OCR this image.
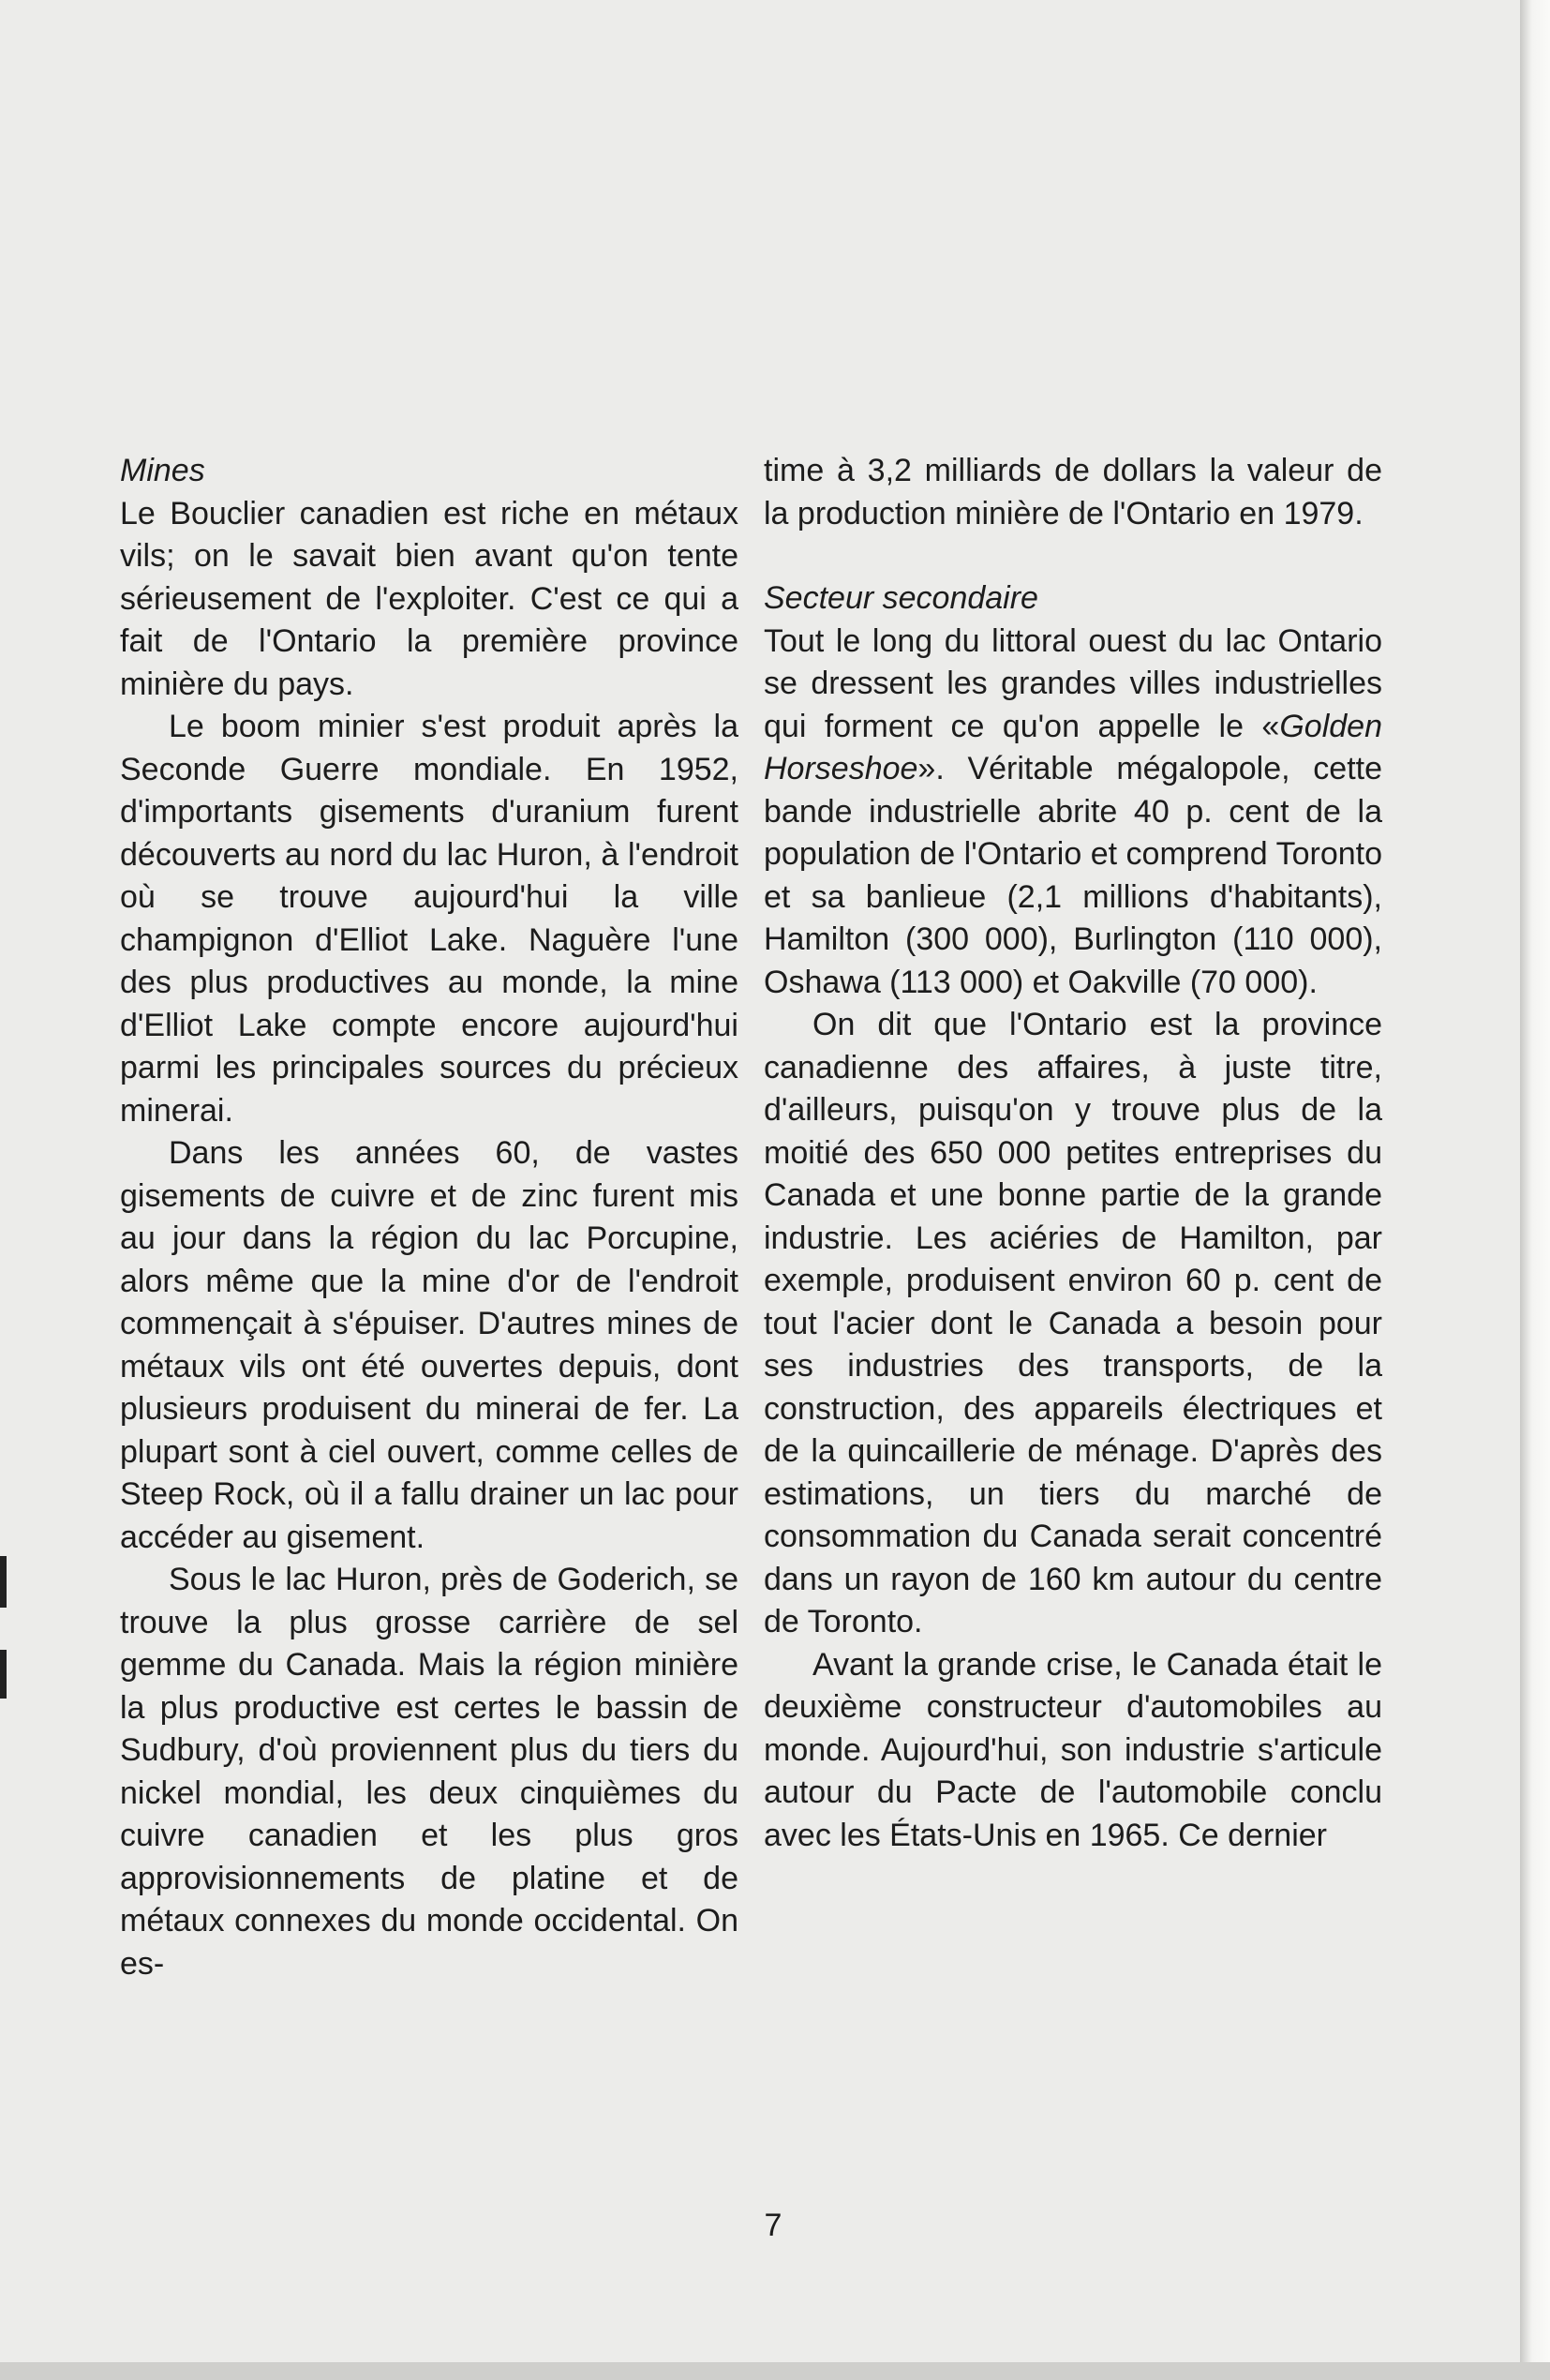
Mines

Le Bouclier canadien est riche en métaux vils; on le savait bien avant qu'on tente sérieusement de l'exploiter. C'est ce qui a fait de l'Ontario la première province minière du pays.

Le boom minier s'est produit après la Seconde Guerre mondiale. En 1952, d'importants gisements d'uranium furent découverts au nord du lac Huron, à l'endroit où se trouve aujourd'hui la ville champignon d'Elliot Lake. Naguère l'une des plus productives au monde, la mine d'Elliot Lake compte encore aujourd'hui parmi les principales sources du précieux minerai.

Dans les années 60, de vastes gisements de cuivre et de zinc furent mis au jour dans la région du lac Porcupine, alors même que la mine d'or de l'endroit commençait à s'épuiser. D'autres mines de métaux vils ont été ouvertes depuis, dont plusieurs produisent du minerai de fer. La plupart sont à ciel ouvert, comme celles de Steep Rock, où il a fallu drainer un lac pour accéder au gisement.

Sous le lac Huron, près de Goderich, se trouve la plus grosse carrière de sel gemme du Canada. Mais la région minière la plus productive est certes le bassin de Sudbury, d'où proviennent plus du tiers du nickel mondial, les deux cinquièmes du cuivre canadien et les plus gros approvisionnements de platine et de métaux connexes du monde occidental. On es-

time à 3,2 milliards de dollars la valeur de la production minière de l'Ontario en 1979.

Secteur secondaire

Tout le long du littoral ouest du lac Ontario se dressent les grandes villes industrielles qui forment ce qu'on appelle le «Golden Horseshoe». Véritable mégalopole, cette bande industrielle abrite 40 p. cent de la population de l'Ontario et comprend Toronto et sa banlieue (2,1 millions d'habitants), Hamilton (300 000), Burlington (110 000), Oshawa (113 000) et Oakville (70 000).

On dit que l'Ontario est la province canadienne des affaires, à juste titre, d'ailleurs, puisqu'on y trouve plus de la moitié des 650 000 petites entreprises du Canada et une bonne partie de la grande industrie. Les aciéries de Hamilton, par exemple, produisent environ 60 p. cent de tout l'acier dont le Canada a besoin pour ses industries des transports, de la construction, des appareils électriques et de la quincaillerie de ménage. D'après des estimations, un tiers du marché de consommation du Canada serait concentré dans un rayon de 160 km autour du centre de Toronto.

Avant la grande crise, le Canada était le deuxième constructeur d'automobiles au monde. Aujourd'hui, son industrie s'articule autour du Pacte de l'automobile conclu avec les États-Unis en 1965. Ce dernier

7
